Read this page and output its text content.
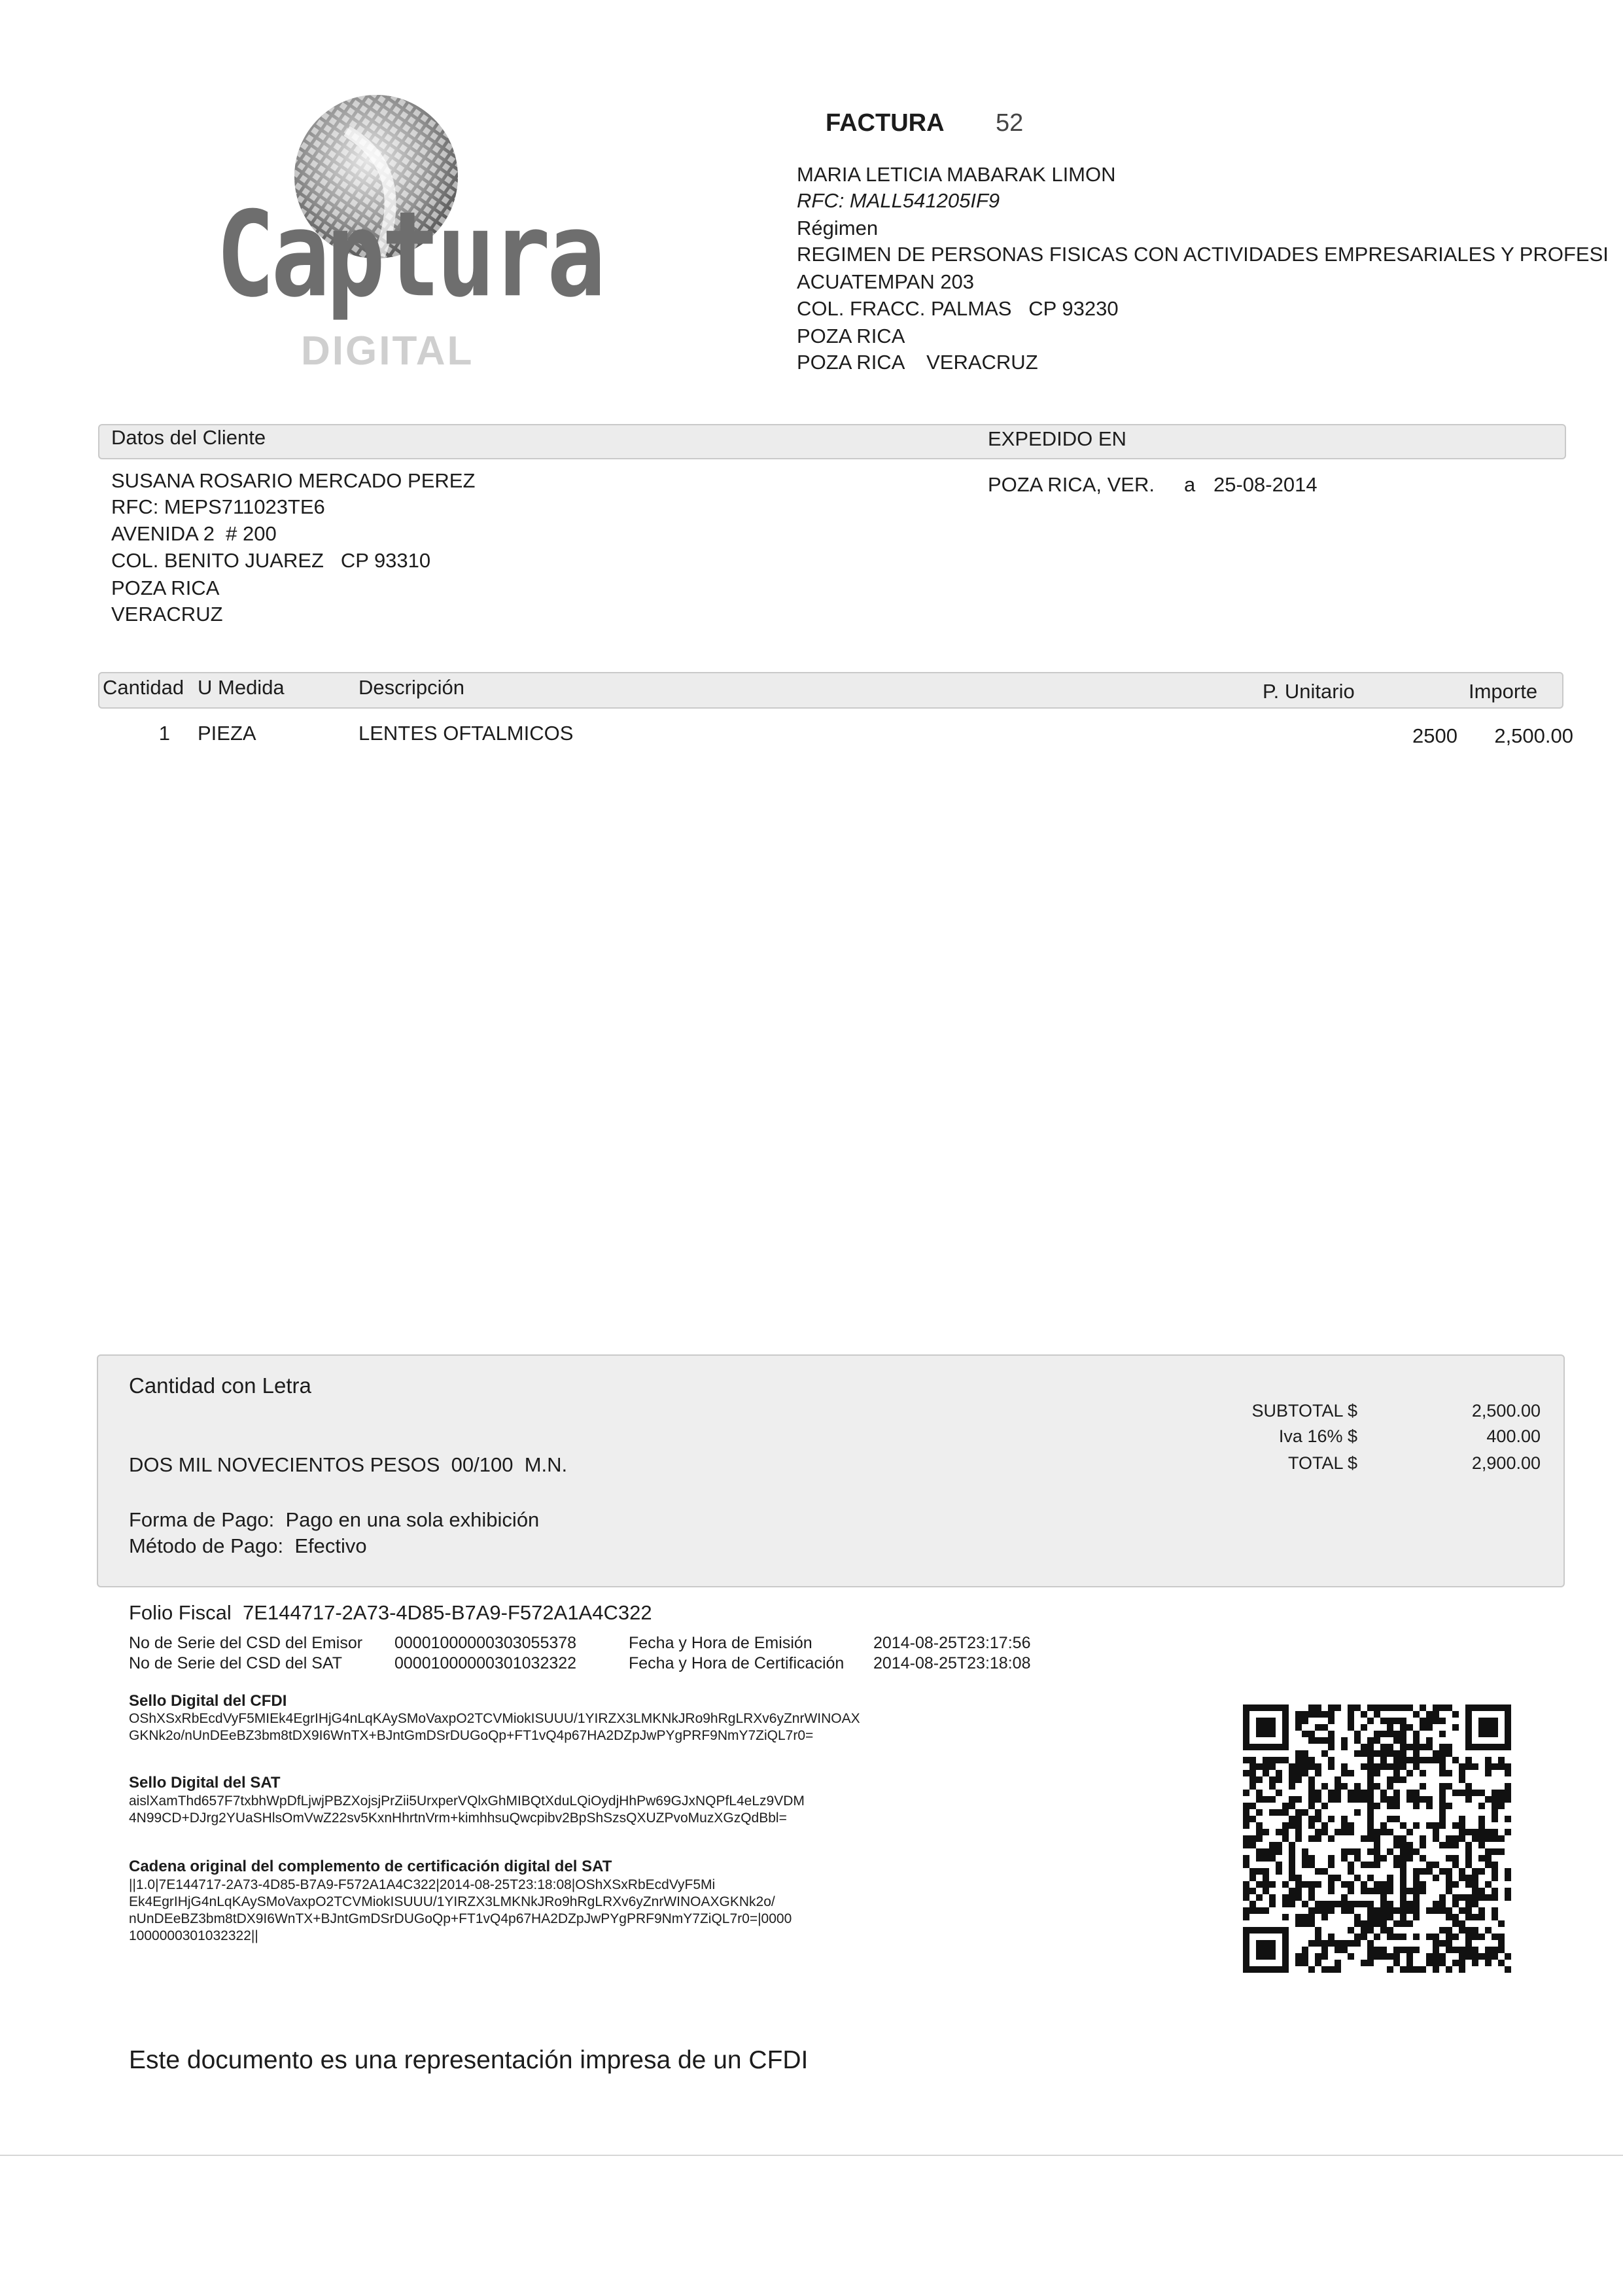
Captura
DIGITAL
FACTURA 52
MARIA LETICIA MABARAK LIMON
RFC: MALL541205IF9
Régimen
REGIMEN DE PERSONAS FISICAS CON ACTIVIDADES EMPRESARIALES Y PROFESI
ACUATEMPAN 203
COL. FRACC. PALMAS   CP 93230
POZA RICA
POZA RICA    VERACRUZ
Datos del Cliente	EXPEDIDO EN
SUSANA ROSARIO MERCADO PEREZ
RFC: MEPS711023TE6
AVENIDA 2  # 200
COL. BENITO JUAREZ   CP 93310
POZA RICA
VERACRUZ
POZA RICA, VER. a 25-08-2014
Cantidad U Medida	Descripción	P. Unitario	Importe
1 PIEZA	LENTES OFTALMICOS	2500	2,500.00
Cantidad con Letra
DOS MIL NOVECIENTOS PESOS  00/100  M.N.
Forma de Pago:  Pago en una sola exhibición
Método de Pago:  Efectivo
SUBTOTAL $	2,500.00
Iva 16% $	400.00
TOTAL $	2,900.00
Folio Fiscal  7E144717-2A73-4D85-B7A9-F572A1A4C322
No de Serie del CSD del Emisor 00001000000303055378	Fecha y Hora de Emisión	2014-08-25T23:17:56
No de Serie del CSD del SAT	00001000000301032322	Fecha y Hora de Certificación 2014-08-25T23:18:08
Sello Digital del CFDI
OShXSxRbEcdVyF5MIEk4EgrIHjG4nLqKAySMoVaxpO2TCVMiokISUUU/1YIRZX3LMKNkJRo9hRgLRXv6yZnrWINOAX
GKNk2o/nUnDEeBZ3bm8tDX9I6WnTX+BJntGmDSrDUGoQp+FT1vQ4p67HA2DZpJwPYgPRF9NmY7ZiQL7r0=
Sello Digital del SAT
aislXamThd657F7txbhWpDfLjwjPBZXojsjPrZii5UrxperVQlxGhMIBQtXduLQiOydjHhPw69GJxNQPfL4eLz9VDM
4N99CD+DJrg2YUaSHlsOmVwZ22sv5KxnHhrtnVrm+kimhhsuQwcpibv2BpShSzsQXUZPvoMuzXGzQdBbl=
Cadena original del complemento de certificación digital del SAT
||1.0|7E144717-2A73-4D85-B7A9-F572A1A4C322|2014-08-25T23:18:08|OShXSxRbEcdVyF5Mi
Ek4EgrIHjG4nLqKAySMoVaxpO2TCVMiokISUUU/1YIRZX3LMKNkJRo9hRgLRXv6yZnrWINOAXGKNk2o/
nUnDEeBZ3bm8tDX9I6WnTX+BJntGmDSrDUGoQp+FT1vQ4p67HA2DZpJwPYgPRF9NmY7ZiQL7r0=|0000
1000000301032322||
Este documento es una representación impresa de un CFDI
